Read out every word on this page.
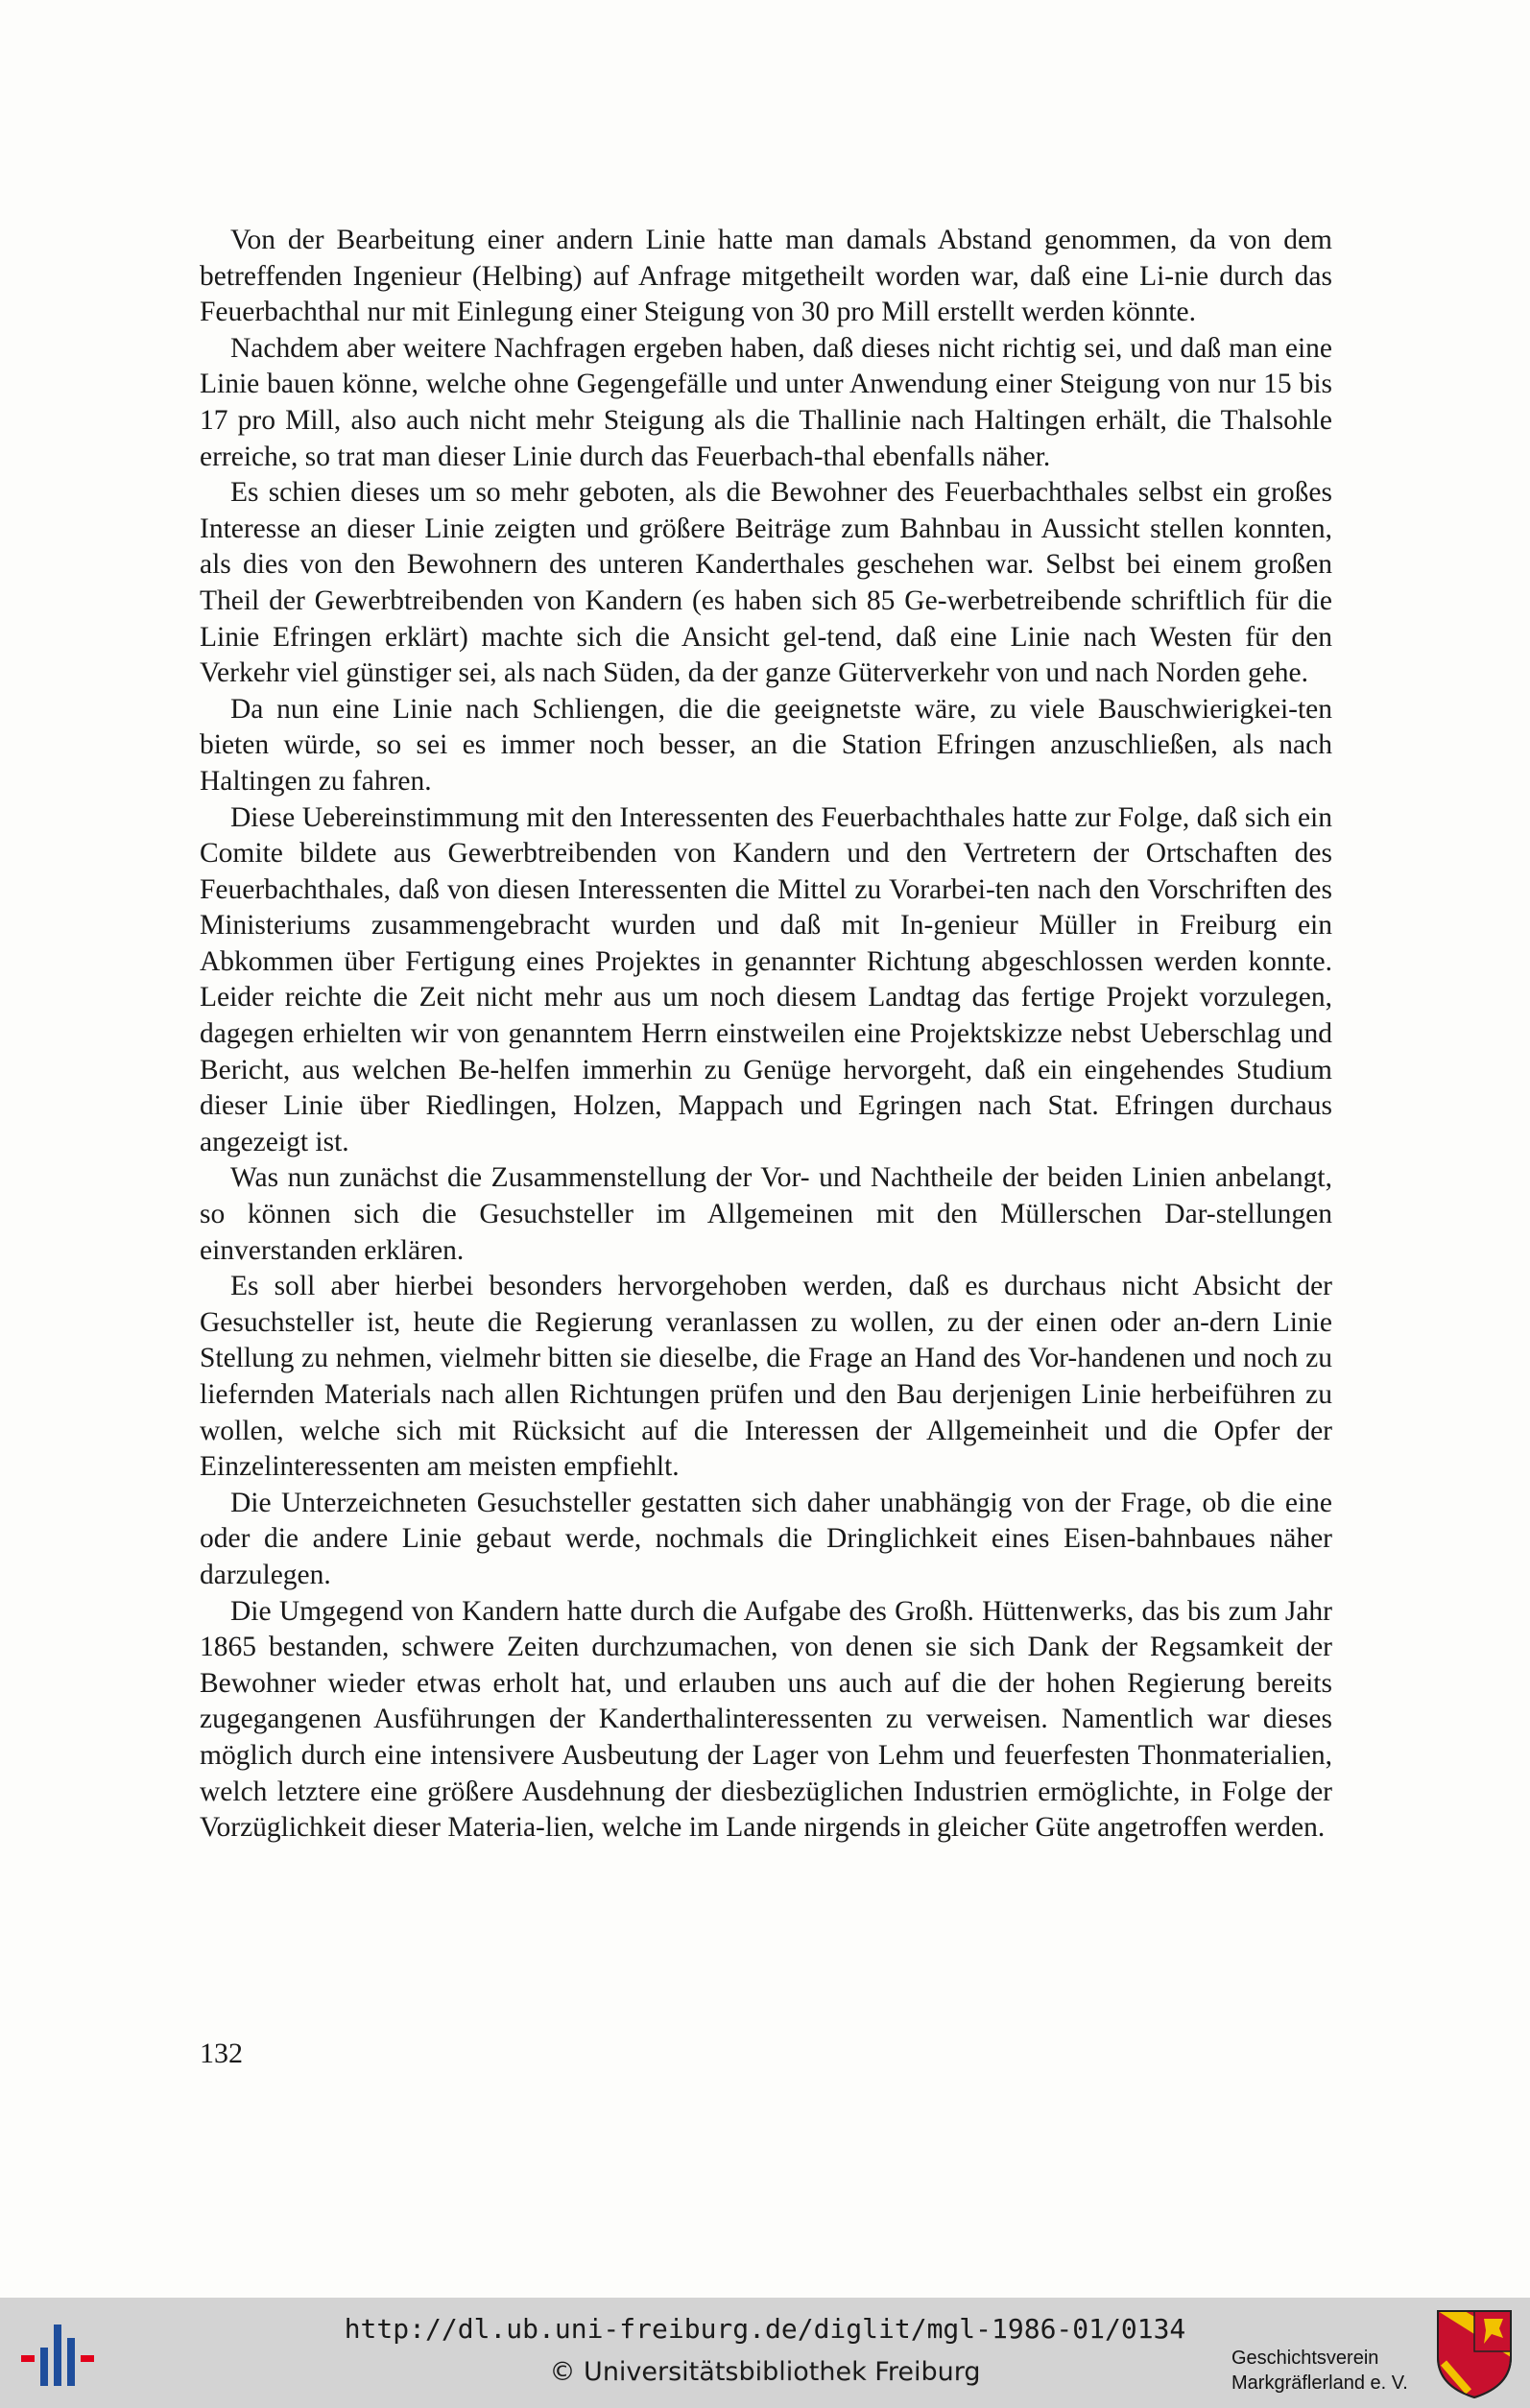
Von der Bearbeitung einer andern Linie hatte man damals Abstand genommen, da von dem betreffenden Ingenieur (Helbing) auf Anfrage mitgetheilt worden war, daß eine Li-nie durch das Feuerbachthal nur mit Einlegung einer Steigung von 30 pro Mill erstellt werden könnte.

Nachdem aber weitere Nachfragen ergeben haben, daß dieses nicht richtig sei, und daß man eine Linie bauen könne, welche ohne Gegengefälle und unter Anwendung einer Steigung von nur 15 bis 17 pro Mill, also auch nicht mehr Steigung als die Thallinie nach Haltingen erhält, die Thalsohle erreiche, so trat man dieser Linie durch das Feuerbach-thal ebenfalls näher.

Es schien dieses um so mehr geboten, als die Bewohner des Feuerbachthales selbst ein großes Interesse an dieser Linie zeigten und größere Beiträge zum Bahnbau in Aussicht stellen konnten, als dies von den Bewohnern des unteren Kanderthales geschehen war. Selbst bei einem großen Theil der Gewerbtreibenden von Kandern (es haben sich 85 Ge-werbetreibende schriftlich für die Linie Efringen erklärt) machte sich die Ansicht gel-tend, daß eine Linie nach Westen für den Verkehr viel günstiger sei, als nach Süden, da der ganze Güterverkehr von und nach Norden gehe.

Da nun eine Linie nach Schliengen, die die geeignetste wäre, zu viele Bauschwierigkei-ten bieten würde, so sei es immer noch besser, an die Station Efringen anzuschließen, als nach Haltingen zu fahren.

Diese Uebereinstimmung mit den Interessenten des Feuerbachthales hatte zur Folge, daß sich ein Comite bildete aus Gewerbtreibenden von Kandern und den Vertretern der Ortschaften des Feuerbachthales, daß von diesen Interessenten die Mittel zu Vorarbei-ten nach den Vorschriften des Ministeriums zusammengebracht wurden und daß mit In-genieur Müller in Freiburg ein Abkommen über Fertigung eines Projektes in genannter Richtung abgeschlossen werden konnte. Leider reichte die Zeit nicht mehr aus um noch diesem Landtag das fertige Projekt vorzulegen, dagegen erhielten wir von genanntem Herrn einstweilen eine Projektskizze nebst Ueberschlag und Bericht, aus welchen Be-helfen immerhin zu Genüge hervorgeht, daß ein eingehendes Studium dieser Linie über Riedlingen, Holzen, Mappach und Egringen nach Stat. Efringen durchaus angezeigt ist.

Was nun zunächst die Zusammenstellung der Vor- und Nachtheile der beiden Linien anbelangt, so können sich die Gesuchsteller im Allgemeinen mit den Müllerschen Dar-stellungen einverstanden erklären.

Es soll aber hierbei besonders hervorgehoben werden, daß es durchaus nicht Absicht der Gesuchsteller ist, heute die Regierung veranlassen zu wollen, zu der einen oder an-dern Linie Stellung zu nehmen, vielmehr bitten sie dieselbe, die Frage an Hand des Vor-handenen und noch zu liefernden Materials nach allen Richtungen prüfen und den Bau derjenigen Linie herbeiführen zu wollen, welche sich mit Rücksicht auf die Interessen der Allgemeinheit und die Opfer der Einzelinteressenten am meisten empfiehlt.

Die Unterzeichneten Gesuchsteller gestatten sich daher unabhängig von der Frage, ob die eine oder die andere Linie gebaut werde, nochmals die Dringlichkeit eines Eisen-bahnbaues näher darzulegen.

Die Umgegend von Kandern hatte durch die Aufgabe des Großh. Hüttenwerks, das bis zum Jahr 1865 bestanden, schwere Zeiten durchzumachen, von denen sie sich Dank der Regsamkeit der Bewohner wieder etwas erholt hat, und erlauben uns auch auf die der hohen Regierung bereits zugegangenen Ausführungen der Kanderthalinteressenten zu verweisen. Namentlich war dieses möglich durch eine intensivere Ausbeutung der Lager von Lehm und feuerfesten Thonmaterialien, welch letztere eine größere Ausdehnung der diesbezüglichen Industrien ermöglichte, in Folge der Vorzüglichkeit dieser Materia-lien, welche im Lande nirgends in gleicher Güte angetroffen werden.

132
http://dl.ub.uni-freiburg.de/diglit/mgl-1986-01/0134
© Universitätsbibliothek Freiburg	Geschichtsverein
Markgräflerland e. V.
